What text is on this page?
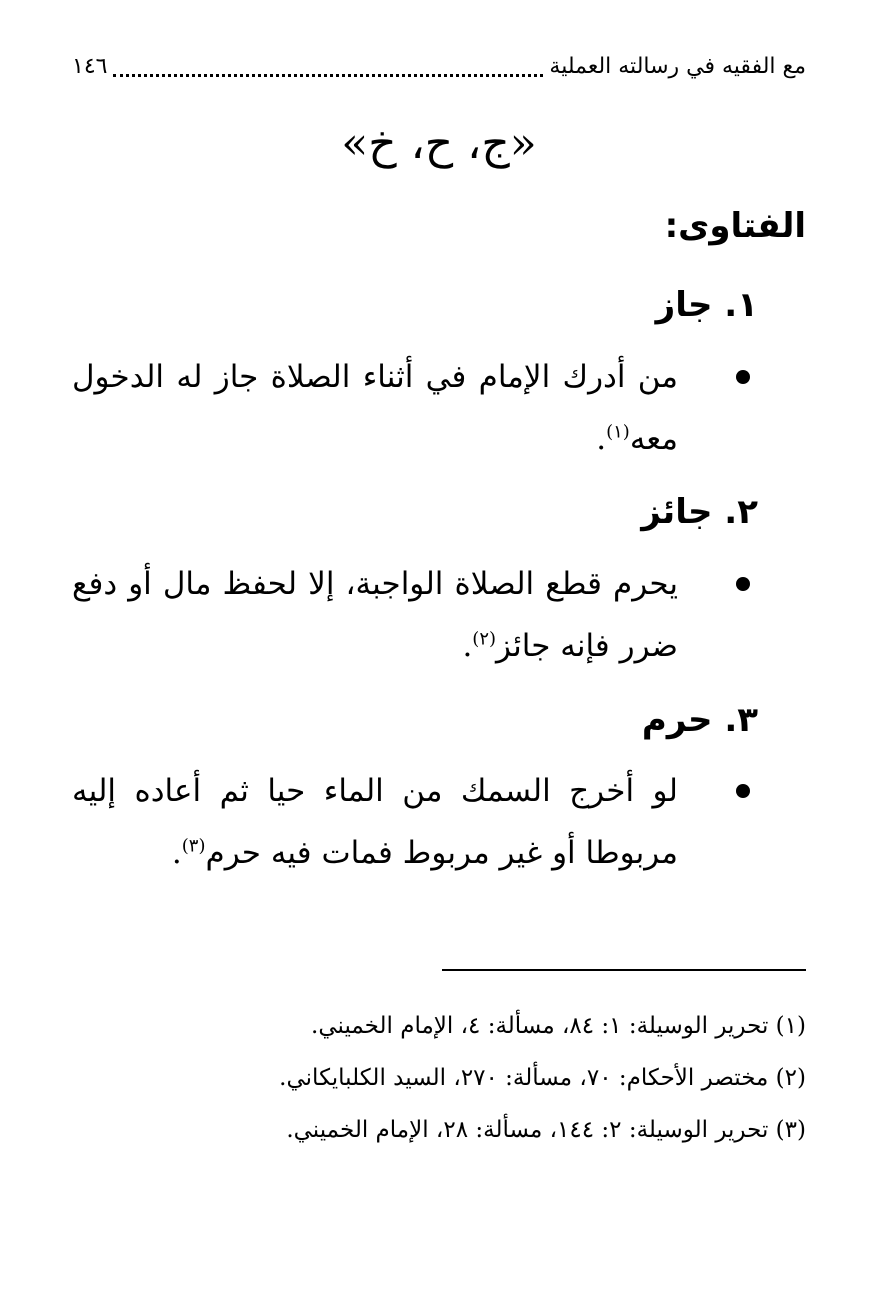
مع الفقيه في رسالته العملية
١٤٦
«ج، ح، خ»
الفتاوى:
١. جاز
من أدرك الإمام في أثناء الصلاة جاز له الدخول معه$^{(١)}$.
٢. جائز
يحرم قطع الصلاة الواجبة، إلا لحفظ مال أو دفع ضرر فإنه جائز$^{(٢)}$.
٣. حرم
لو أخرج السمك من الماء حيا ثم أعاده إليه مربوطا أو غير مربوط فمات فيه حرم$^{(٣)}$.
(١) تحرير الوسيلة: ١: ٨٤، مسألة: ٤، الإمام الخميني.
(٢) مختصر الأحكام: ٧٠، مسألة: ٢٧٠، السيد الكلبايكاني.
(٣) تحرير الوسيلة: ٢: ١٤٤، مسألة: ٢٨، الإمام الخميني.
